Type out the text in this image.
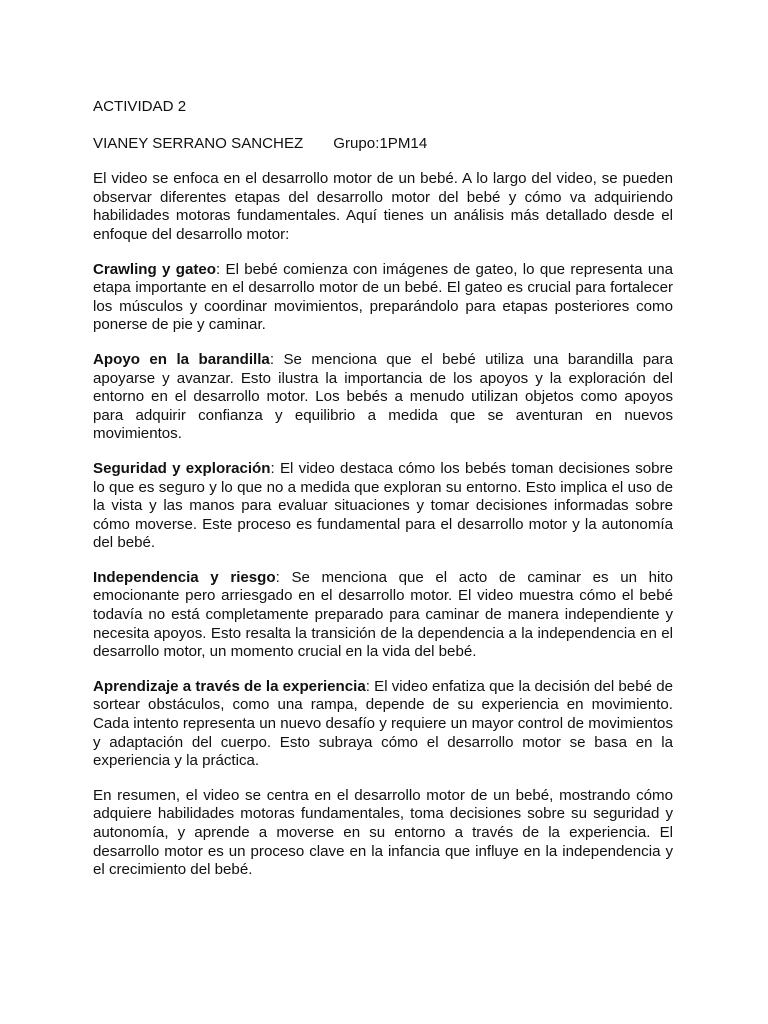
ACTIVIDAD 2

VIANEY SERRANO SANCHEZ Grupo:1PM14

El video se enfoca en el desarrollo motor de un bebé. A lo largo del video, se pueden observar diferentes etapas del desarrollo motor del bebé y cómo va adquiriendo habilidades motoras fundamentales. Aquí tienes un análisis más detallado desde el enfoque del desarrollo motor:

Crawling y gateo: El bebé comienza con imágenes de gateo, lo que representa una etapa importante en el desarrollo motor de un bebé. El gateo es crucial para fortalecer los músculos y coordinar movimientos, preparándolo para etapas posteriores como ponerse de pie y caminar.

Apoyo en la barandilla: Se menciona que el bebé utiliza una barandilla para apoyarse y avanzar. Esto ilustra la importancia de los apoyos y la exploración del entorno en el desarrollo motor. Los bebés a menudo utilizan objetos como apoyos para adquirir confianza y equilibrio a medida que se aventuran en nuevos movimientos.

Seguridad y exploración: El video destaca cómo los bebés toman decisiones sobre lo que es seguro y lo que no a medida que exploran su entorno. Esto implica el uso de la vista y las manos para evaluar situaciones y tomar decisiones informadas sobre cómo moverse. Este proceso es fundamental para el desarrollo motor y la autonomía del bebé.

Independencia y riesgo: Se menciona que el acto de caminar es un hito emocionante pero arriesgado en el desarrollo motor. El video muestra cómo el bebé todavía no está completamente preparado para caminar de manera independiente y necesita apoyos. Esto resalta la transición de la dependencia a la independencia en el desarrollo motor, un momento crucial en la vida del bebé.

Aprendizaje a través de la experiencia: El video enfatiza que la decisión del bebé de sortear obstáculos, como una rampa, depende de su experiencia en movimiento. Cada intento representa un nuevo desafío y requiere un mayor control de movimientos y adaptación del cuerpo. Esto subraya cómo el desarrollo motor se basa en la experiencia y la práctica.

En resumen, el video se centra en el desarrollo motor de un bebé, mostrando cómo adquiere habilidades motoras fundamentales, toma decisiones sobre su seguridad y autonomía, y aprende a moverse en su entorno a través de la experiencia. El desarrollo motor es un proceso clave en la infancia que influye en la independencia y el crecimiento del bebé.
